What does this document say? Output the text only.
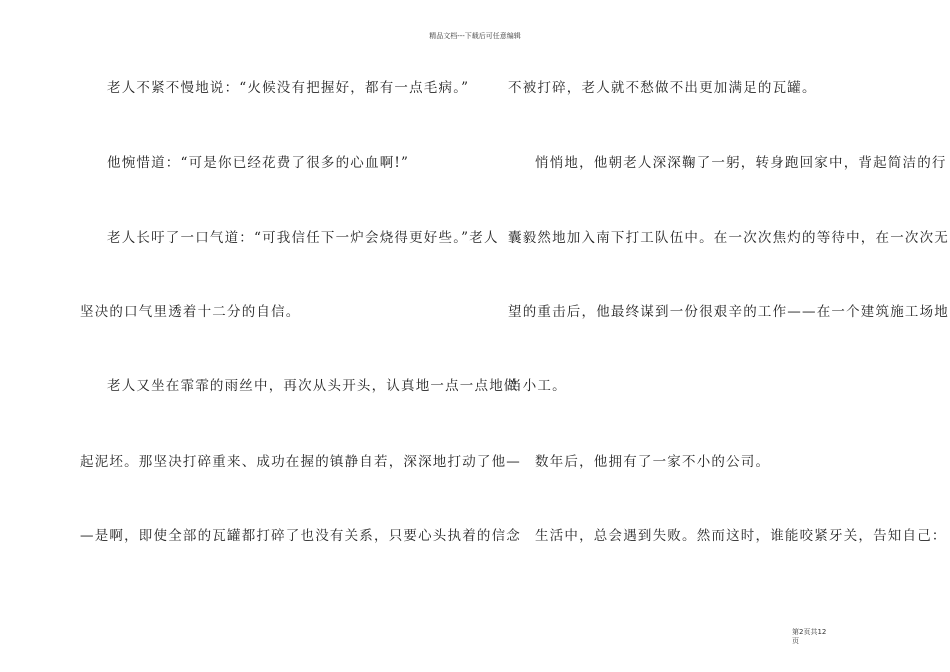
精品文档---下载后可任意编辑
老人不紧不慢地说：“火候没有把握好，都有一点毛病。”
他惋惜道：“可是你已经花费了很多的心血啊!”
老人长吁了一口气道：“可我信任下一炉会烧得更好些。”老人
坚决的口气里透着十二分的自信。
老人又坐在霏霏的雨丝中，再次从头开头，认真地一点一点地做
起泥坯。那坚决打碎重来、成功在握的镇静自若，深深地打动了他—
—是啊，即使全部的瓦罐都打碎了也没有关系，只要心头执着的信念
不被打碎，老人就不愁做不出更加满足的瓦罐。
悄悄地，他朝老人深深鞠了一躬，转身跑回家中，背起简洁的行
囊毅然地加入南下打工队伍中。在一次次焦灼的等待中，在一次次无
望的重击后，他最终谋到一份很艰辛的工作——在一个建筑施工场地
当小工。
数年后，他拥有了一家不小的公司。
生活中，总会遇到失败。然而这时，谁能咬紧牙关，告知自己：
第2页共12
页
